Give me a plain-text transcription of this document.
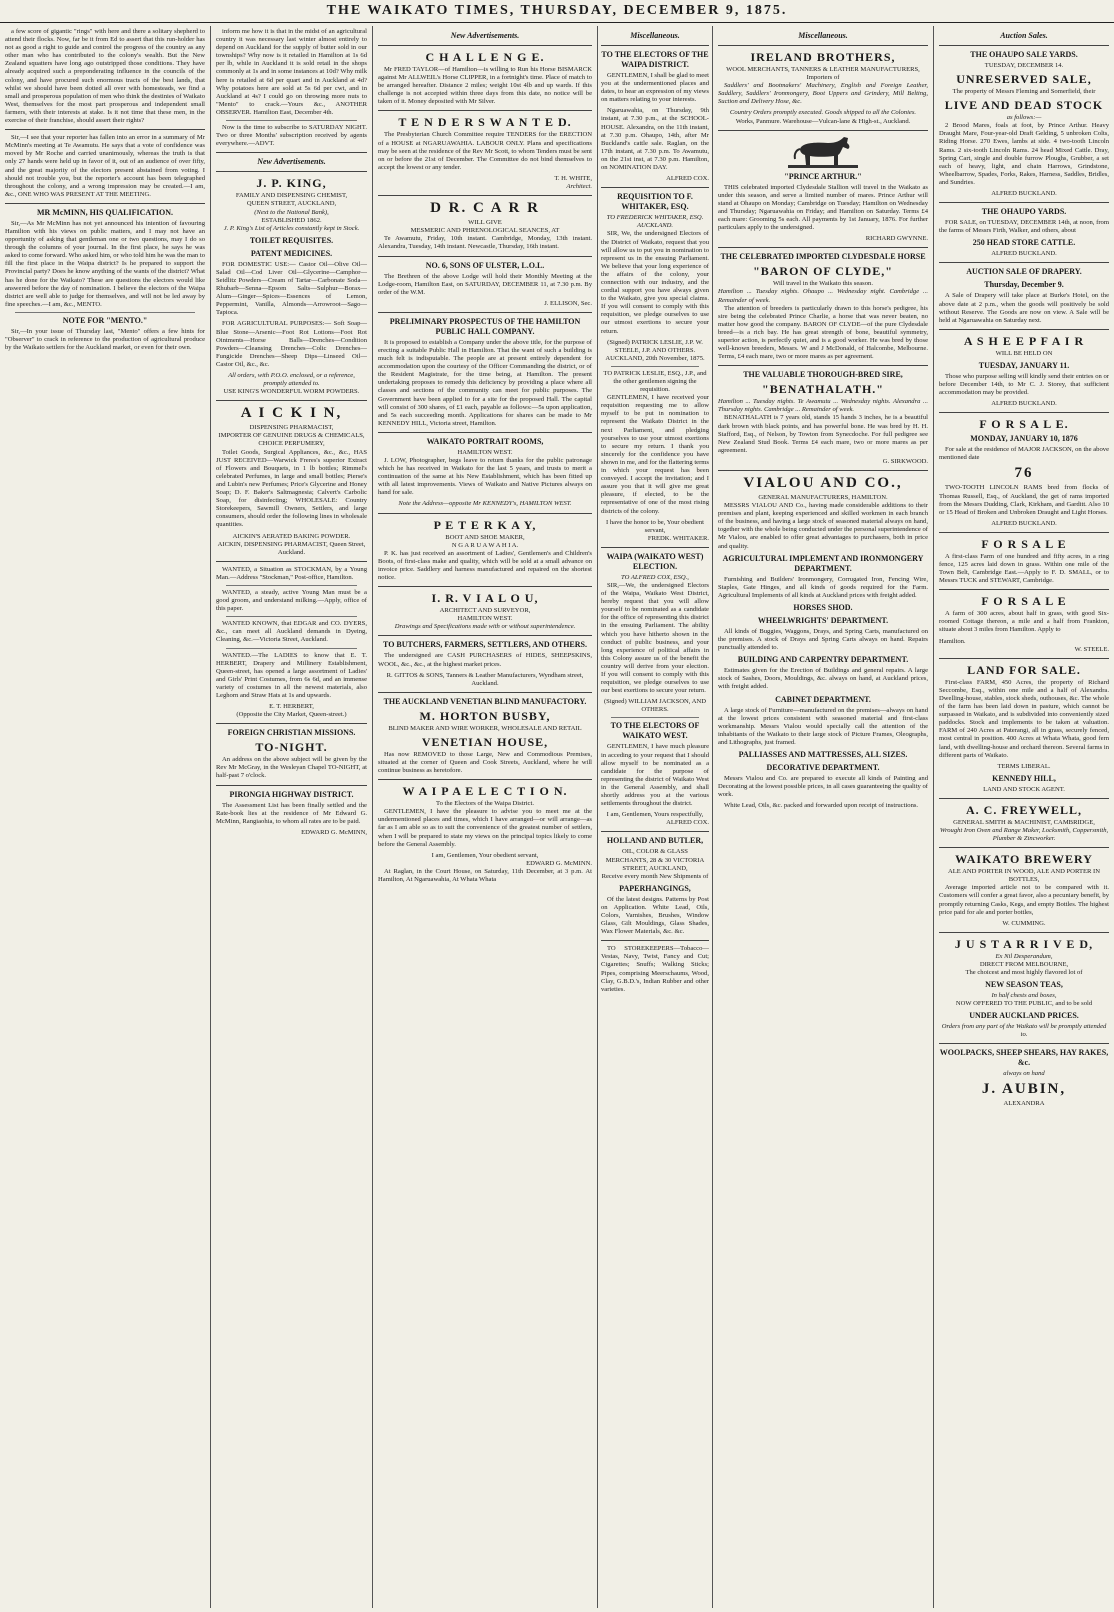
THE WAIKATO TIMES, THURSDAY, DECEMBER 9, 1875.

a few score of gigantic "rings" with here and there a solitary shepherd to attend their flocks. Now, far be it from Ed to assert that this run-holder has not as good a right to guide and control the progress of the country as any other man who has contributed to the colony's wealth. But the New Zealand squatters have long ago outstripped those conditions. They have already acquired such a preponderating influence in the councils of the colony, and have procured such enormous tracts of the best lands, that whilst we should have been dotted all over with homesteads, we find a small and prosperous population of men who think the destinies of Waikato West, themselves for the most part prosperous and independent small farmers, with their interests at stake. Is it not time that these men, in the exercise of their franchise, should assert their rights?

Sir,—I see that your reporter has fallen into an error in a summary of Mr McMinn's meeting at Te Awamutu. He says that a vote of confidence was moved by Mr Roche and carried unanimously, whereas the truth is that only 27 hands were held up in favor of it, out of an audience of over fifty, and the great majority of the electors present abstained from voting. I should not trouble you, but the reporter's account has been telegraphed throughout the colony, and a wrong impression may be created.—I am, &c., ONE WHO WAS PRESENT AT THE MEETING.

MR McMINN, HIS QUALIFICATION.

Sir,—As Mr McMinn has not yet announced his intention of favouring Hamilton with his views on public matters, and I may not have an opportunity of asking that gentleman one or two questions, may I do so through the columns of your journal. In the first place, he says he was asked to come forward. Who asked him, or who told him he was the man to fill the first place in the Waipa district? Is he prepared to support the Provincial party? Does he know anything of the wants of the district? What has he done for the Waikato? These are questions the electors would like answered before the day of nomination. I believe the electors of the Waipa district are well able to judge for themselves, and will not be led away by fine speeches.—I am, &c., MENTO.

NOTE FOR "MENTO."

Sir,—In your issue of Thursday last, "Mento" offers a few hints for "Observer" to crack in reference to the production of agricultural produce by the Waikato settlers for the Auckland market, or even for their own.

inform me how it is that in the midst of an agricultural country it was necessary last winter almost entirely to depend on Auckland for the supply of butter sold in our townships? Why now is it retailed in Hamilton at 1s 6d per lb, while in Auckland it is sold retail in the shops commonly at 1s and in some instances at 10d? Why milk here is retailed at 6d per quart and in Auckland at 4d? Why potatoes here are sold at 5s 6d per cwt, and in Auckland at 4s? I could go on throwing more nuts to "Mento" to crack.—Yours &c., ANOTHER OBSERVER. Hamilton East, December 4th.

Now is the time to subscribe to SATURDAY NIGHT. Two or three Months' subscription received by agents everywhere.—ADVT.

New Advertisements.
J. P. KING,
FAMILY AND DISPENSING CHEMIST,
QUEEN STREET, AUCKLAND,
(Next to the National Bank),
ESTABLISHED 1862.
J. P. King's List of Articles constantly kept in Stock.
TOILET REQUISITES.
PATENT MEDICINES.

FOR DOMESTIC USE:— Castor Oil—Olive Oil—Salad Oil—Cod Liver Oil—Glycerine—Camphor—Seidlitz Powders—Cream of Tartar—Carbonate Soda—Rhubarb—Senna—Epsom Salts—Sulphur—Borax—Alum—Ginger—Spices—Essences of Lemon, Peppermint, Vanilla, Almonds—Arrowroot—Sago—Tapioca.

FOR AGRICULTURAL PURPOSES:— Soft Soap—Blue Stone—Arsenic—Foot Rot Lotions—Foot Rot Ointments—Horse Balls—Drenches—Condition Powders—Cleansing Drenches—Colic Drenches—Fungicide Drenches—Sheep Dips—Linseed Oil—Castor Oil, &c., &c.

All orders, with P.O.O. enclosed, or a reference, promptly attended to.
USE KING'S WONDERFUL WORM POWDERS.
A I C K I N,
DISPENSING PHARMACIST,
IMPORTER OF GENUINE DRUGS & CHEMICALS, CHOICE PERFUMERY,

Toilet Goods, Surgical Appliances, &c., &c., HAS JUST RECEIVED—Warwick Freres's superior Extract of Flowers and Bouquets, in 1 lb bottles; Rimmel's celebrated Perfumes, in large and small bottles; Pierse's and Lubin's new Perfumes; Price's Glycerine and Honey Soap; D. F. Baker's Saltmagnesia; Calvert's Carbolic Soap, for disinfecting; WHOLESALE: Country Storekeepers, Sawmill Owners, Settlers, and large consumers, should order the following lines in wholesale quantities.

AICKIN'S AERATED BAKING POWDER.
AICKIN, DISPENSING PHARMACIST, Queen Street, Auckland.

WANTED, a Situation as STOCKMAN, by a Young Man.—Address "Stockman," Post-office, Hamilton.

WANTED, a steady, active Young Man must be a good groom, and understand milking.—Apply, office of this paper.

WANTED KNOWN, that EDGAR and CO. DYERS, &c., can meet all Auckland demands in Dyeing, Cleaning, &c.—Victoria Street, Auckland.

WANTED.—The LADIES to know that E. T. HERBERT, Drapery and Millinery Establishment, Queen-street, has opened a large assortment of Ladies' and Girls' Print Costumes, from 6s 6d, and an immense variety of costumes in all the newest materials, also Leghorn and Straw Hats at 1s and upwards.

E. T. HERBERT,
(Opposite the City Market, Queen-street.)
FOREIGN CHRISTIAN MISSIONS.
TO-NIGHT.

An address on the above subject will be given by the Rev Mr McGray, in the Wesleyan Chapel TO-NIGHT, at half-past 7 o'clock.

PIRONGIA HIGHWAY DISTRICT.

The Assessment List has been finally settled and the Rate-book lies at the residence of Mr Edward G. McMinn, Rangiaohia, to whom all rates are to be paid.

EDWARD G. McMINN,
New Advertisements.
C H A L L E N G E.

Mr FRED TAYLOR—of Hamilton—is willing to Run his Horse BISMARCK against Mr ALLWEIL's Horse CLIPPER, in a fortnight's time. Place of match to be arranged hereafter. Distance 2 miles; weight 10st 4lb and up wards. If this challenge is not accepted within three days from this date, no notice will be taken of it. Money deposited with Mr Silver.

T E N D E R S W A N T E D.

The Presbyterian Church Committee require TENDERS for the ERECTION of a HOUSE at NGARUAWAHIA. LABOUR ONLY. Plans and specifications may be seen at the residence of the Rev Mr Scott, to whom Tenders must be sent on or before the 21st of December. The Committee do not bind themselves to accept the lowest or any tender.

T. H. WHITE,
Architect.
D R. C A R R
WILL GIVE
MESMERIC AND PHRENOLOGICAL SEANCES, AT

Te Awamutu, Friday, 10th instant. Cambridge, Monday, 13th instant. Alexandra, Tuesday, 14th instant. Newcastle, Thursday, 16th instant.

NO. 6, SONS OF ULSTER, L.O.L.

The Brethren of the above Lodge will hold their Monthly Meeting at the Lodge-room, Hamilton East, on SATURDAY, DECEMBER 11, at 7.30 p.m. By order of the W.M.

J. ELLISON, Sec.
PRELIMINARY PROSPECTUS OF THE HAMILTON PUBLIC HALL COMPANY.

It is proposed to establish a Company under the above title, for the purpose of erecting a suitable Public Hall in Hamilton. That the want of such a building is much felt is indisputable. The people are at present entirely dependent for accommodation upon the courtesy of the Officer Commanding the district, or of the Resident Magistrate, for the time being, at Hamilton. The present undertaking proposes to remedy this deficiency by providing a place where all classes and sections of the community can meet for public purposes. The Government have been applied to for a site for the proposed Hall. The capital will consist of 300 shares, of £1 each, payable as follows:—5s upon application, and 5s each succeeding month. Applications for shares can be made to Mr KENNEDY HILL, Victoria street, Hamilton.

WAIKATO PORTRAIT ROOMS,
HAMILTON WEST.

J. LOW, Photographer, begs leave to return thanks for the public patronage which he has received in Waikato for the last 5 years, and trusts to merit a continuation of the same at his New Establishment, which has been fitted up with all latest improvements. Views of Waikato and Native Pictures always on hand for sale.

Note the Address—opposite Mr KENNEDY's, HAMILTON WEST.
P E T E R K A Y,
BOOT AND SHOE MAKER,
N G A R U A W A H I A.

P. K. has just received an assortment of Ladies', Gentlemen's and Children's Boots, of first-class make and quality, which will be sold at a small advance on invoice price. Saddlery and harness manufactured and repaired on the shortest notice.

I. R. V I A L O U,
ARCHITECT AND SURVEYOR,
HAMILTON WEST.
Drawings and Specifications made with or without superintendence.
TO BUTCHERS, FARMERS, SETTLERS, AND OTHERS.

The undersigned are CASH PURCHASERS of HIDES, SHEEPSKINS, WOOL, &c., &c., at the highest market prices.

R. GITTOS & SONS, Tanners & Leather Manufacturers, Wyndham street, Auckland.
THE AUCKLAND VENETIAN BLIND MANUFACTORY.
M. HORTON BUSBY,
BLIND MAKER AND WIRE WORKER, WHOLESALE AND RETAIL
VENETIAN HOUSE,

Has now REMOVED to those Large, New and Commodious Premises, situated at the corner of Queen and Cook Streets, Auckland, where he will continue business as heretofore.

W A I P A E L E C T I O N.
To the Electors of the Waipa District.

GENTLEMEN, I have the pleasure to advise you to meet me at the undermentioned places and times, which I have arranged—or will arrange—as far as I am able so as to suit the convenience of the greatest number of settlers, when I will be prepared to state my views on the principal topics likely to come before the General Assembly.

I am, Gentlemen, Your obedient servant,
EDWARD G. McMINN.

At Raglan, in the Court House, on Saturday, 11th December, at 3 p.m. At Hamilton, At Ngaruawahia, At Whata Whata

Miscellaneous.
TO THE ELECTORS OF THE WAIPA DISTRICT.

GENTLEMEN, I shall be glad to meet you at the undermentioned places and dates, to hear an expression of my views on matters relating to your interests.

Ngaruawahia, on Thursday, 9th instant, at 7.30 p.m., at the SCHOOL-HOUSE. Alexandra, on the 11th instant, at 7.30 p.m. Ohaupo, 14th, after Mr Buckland's cattle sale. Raglan, on the 17th instant, at 7.30 p.m. To Awamutu, on the 21st inst, at 7.30 p.m. Hamilton, on NOMINATION DAY.

ALFRED COX.
REQUISITION TO F. WHITAKER, ESQ.
TO FREDERICK WHITAKER, ESQ. AUCKLAND.

SIR, We, the undersigned Electors of the District of Waikato, request that you will allow us to put you in nomination to represent us in the ensuing Parliament. We believe that your long experience of the affairs of the colony, your connection with our industry, and the cordial support you have always given to the Waikato, give you special claims. If you will consent to comply with this requisition, we pledge ourselves to use our utmost exertions to secure your return.

(Signed) PATRICK LESLIE, J.P. W. STEELE, J.P. AND OTHERS.
AUCKLAND, 20th November, 1875.
TO PATRICK LESLIE, ESQ., J.P., and the other gentlemen signing the requisition.

GENTLEMEN, I have received your requisition requesting me to allow myself to be put in nomination to represent the Waikato District in the next Parliament, and pledging yourselves to use your utmost exertions to secure my return. I thank you sincerely for the confidence you have shown in me, and for the flattering terms in which your request has been conveyed. I accept the invitation; and I assure you that it will give me great pleasure, if elected, to be the representative of one of the most rising districts of the colony.

I have the honor to be, Your obedient servant,
FREDK. WHITAKER.
WAIPA (WAIKATO WEST) ELECTION.
TO ALFRED COX, ESQ.,

SIR,—We, the undersigned Electors of the Waipa, Waikato West District, hereby request that you will allow yourself to be nominated as a candidate for the office of representing this district in the ensuing Parliament. The ability which you have hitherto shown in the conduct of public business, and your long experience of political affairs in this Colony assure us of the benefit the country will derive from your election. If you will consent to comply with this requisition, we pledge ourselves to use our best exertions to secure your return.

(Signed) WILLIAM JACKSON, AND OTHERS.
TO THE ELECTORS OF WAIKATO WEST.

GENTLEMEN, I have much pleasure in acceding to your request that I should allow myself to be nominated as a candidate for the purpose of representing the district of Waikato West in the General Assembly, and shall shortly address you at the various settlements throughout the district.

I am, Gentlemen, Yours respectfully,
ALFRED COX.
HOLLAND AND BUTLER,
OIL, COLOR & GLASS MERCHANTS, 28 & 30 VICTORIA STREET, AUCKLAND,
Receive every month New Shipments of
PAPERHANGINGS,

Of the latest designs. Patterns by Post on Application. White Lead, Oils, Colors, Varnishes, Brushes, Window Glass, Gilt Mouldings, Glass Shades, Wax Flower Materials, &c. &c.

TO STOREKEEPERS—Tobacco—Vestas, Navy, Twist, Fancy and Cut; Cigarettes; Snuffs; Walking Sticks; Pipes, comprising Meerschaums, Wood, Clay, G.B.D.'s, Indian Rubber and other varieties.

Miscellaneous.
IRELAND BROTHERS,
WOOL MERCHANTS, TANNERS & LEATHER MANUFACTURERS, Importers of

Saddlers' and Bootmakers' Machinery, English and Foreign Leather, Saddlery, Saddlers' Ironmongery, Boot Uppers and Grindery, Mill Belting, Suction and Delivery Hose, &c.

Country Orders promptly executed. Goods shipped to all the Colonies.
Works, Panmure. Warehouse—Vulcan-lane & High-st., Auckland.
"PRINCE ARTHUR."

THIS celebrated imported Clydesdale Stallion will travel in the Waikato as under this season, and serve a limited number of mares. Prince Arthur will stand at Ohaupo on Monday; Cambridge on Tuesday; Hamilton on Wednesday and Thursday; Ngaruawahia on Friday; and Hamilton on Saturday. Terms £4 each mare: Grooming 5s each. All payments by 1st January, 1876. For further particulars apply to the undersigned.

RICHARD GWYNNE.
THE CELEBRATED IMPORTED CLYDESDALE HORSE
"BARON OF CLYDE,"
Will travel in the Waikato this season.
Hamilton ... Tuesday nights. Ohaupo ... Wednesday night. Cambridge ... Remainder of week.

The attention of breeders is particularly drawn to this horse's pedigree, his sire being the celebrated Prince Charlie, a horse that was never beaten, no matter how good the company. BARON OF CLYDE—of the pure Clydesdale breed—is a rich bay. He has great strength of bone, beautiful symmetry, superior action, is perfectly quiet, and is a good worker. He was bred by those well-known breeders, Messrs. W and J McDonald, of Halcombe, Melbourne. Terms, £4 each mare, two or more mares as per agreement.

THE VALUABLE THOROUGH-BRED SIRE,
"BENATHALATH."
Hamilton ... Tuesday nights. Te Awamutu ... Wednesday nights. Alexandra ... Thursday nights. Cambridge ... Remainder of week.

BENATHALATH is 7 years old, stands 15 hands 3 inches, he is a beautiful dark brown with black points, and has powerful bone. He was bred by H. H. Stafford, Esq., of Nelson, by Towton from Synecdoche. For full pedigree see New Zealand Stud Book. Terms £4 each mare, two or more mares as per agreement.

G. SIRKWOOD.
VIALOU AND CO.,
GENERAL MANUFACTURERS, HAMILTON.

MESSRS VIALOU AND Co., having made considerable additions to their premises and plant, keeping experienced and skilled workmen in each branch of the business, and having a large stock of seasoned material always on hand, together with the whole being conducted under the personal superintendence of Mr Vialou, are enabled to offer great advantages to purchasers, both in price and quality.

AGRICULTURAL IMPLEMENT AND IRONMONGERY DEPARTMENT.

Furnishing and Builders' Ironmongery, Corrugated Iron, Fencing Wire, Staples, Gate Hinges, and all kinds of goods required for the Farm. Agricultural Implements of all kinds at Auckland prices with freight added.

HORSES SHOD.
WHEELWRIGHTS' DEPARTMENT.

All kinds of Buggies, Waggons, Drays, and Spring Carts, manufactured on the premises. A stock of Drays and Spring Carts always on hand. Repairs punctually attended to.

BUILDING AND CARPENTRY DEPARTMENT.

Estimates given for the Erection of Buildings and general repairs. A large stock of Sashes, Doors, Mouldings, &c. always on hand, at Auckland prices, with freight added.

CABINET DEPARTMENT.

A large stock of Furniture—manufactured on the premises—always on hand at the lowest prices consistent with seasoned material and first-class workmanship. Messrs Vialou would specially call the attention of the inhabitants of the Waikato to their large stock of Picture Frames, Oleographs, and Lithographs, just framed.

PALLIASSES AND MATTRESSES, ALL SIZES.
DECORATIVE DEPARTMENT.

Messrs Vialou and Co. are prepared to execute all kinds of Painting and Decorating at the lowest possible prices, in all cases guaranteeing the quality of work.

White Lead, Oils, &c. packed and forwarded upon receipt of instructions.

Auction Sales.
THE OHAUPO SALE YARDS.
TUESDAY, DECEMBER 14.
UNRESERVED SALE,
The property of Messrs Fleming and Somerfield, their
LIVE AND DEAD STOCK
as follows:—

2 Brood Mares, foals at foot, by Prince Arthur. Heavy Draught Mare, Four-year-old Draft Gelding, 5 unbroken Colts, Riding Horse. 270 Ewes, lambs at side. 4 two-tooth Lincoln Rams. 2 six-tooth Lincoln Rams. 24 head Mixed Cattle. Dray, Spring Cart, single and double furrow Ploughs, Grubber, a set each of heavy, light, and chain Harrows, Grindstone, Wheelbarrow, Spades, Forks, Rakes, Harness, Saddles, Bridles, and Sundries.

ALFRED BUCKLAND.
THE OHAUPO YARDS.

FOR SALE, on TUESDAY, DECEMBER 14th, at noon, from the farms of Messrs Firth, Walker, and others, about

250 HEAD STORE CATTLE.
ALFRED BUCKLAND.
AUCTION SALE OF DRAPERY.
Thursday, December 9.

A Sale of Drapery will take place at Burke's Hotel, on the above date at 2 p.m., when the goods will positively be sold without Reserve. The Goods are now on view. A Sale will be held at Ngaruawahia on Saturday next.

A S H E E P F A I R
WILL BE HELD ON
TUESDAY, JANUARY 11.

Those who purpose selling will kindly send their entries on or before December 14th, to Mr C. J. Storey, that sufficient accommodation may be provided.

ALFRED BUCKLAND.
F O R S A L E.
MONDAY, JANUARY 10, 1876

For sale at the residence of MAJOR JACKSON, on the above mentioned date

76

TWO-TOOTH LINCOLN RAMS bred from flocks of Thomas Russell, Esq., of Auckland, the get of rams imported from the Messrs Dudding, Clark, Kirkham, and Garditt. Also 10 or 15 Head of Broken and Unbroken Draught and Light Horses.

ALFRED BUCKLAND.
F O R S A L E

A first-class Farm of one hundred and fifty acres, in a ring fence, 125 acres laid down in grass. Within one mile of the Town Belt, Cambridge East.—Apply to F. D. SMALL, or to Messrs TUCK and STEWART, Cambridge.

F O R S A L E

A farm of 300 acres, about half in grass, with good Six-roomed Cottage thereon, a mile and a half from Frankton, situate about 3 miles from Hamilton. Apply to

Hamilton.
W. STEELE.
LAND FOR SALE.

First-class FARM, 450 Acres, the property of Richard Seccombe, Esq., within one mile and a half of Alexandra. Dwelling-house, stables, stock sheds, outhouses, &c. The whole of the farm has been laid down in pasture, which cannot be surpassed in Waikato, and is subdivided into conveniently sized paddocks. Stock and implements to be taken at valuation. FARM of 240 Acres at Paterangi, all in grass, securely fenced, most central in position. 400 Acres at Whata Whata, good fern land, with dwelling-house and orchard thereon. Several farms in different parts of Waikato.

TERMS LIBERAL.
KENNEDY HILL,
LAND AND STOCK AGENT.
A. C. FREYWELL,
GENERAL SMITH & MACHINIST, CAMBRIDGE,
Wrought Iron Oven and Range Maker, Locksmith, Coppersmith, Plumber & Zincworker.
WAIKATO BREWERY
ALE AND PORTER IN WOOD, ALE AND PORTER IN BOTTLES,

Average imported article not to be compared with it. Customers will confer a great favor, also a pecuniary benefit, by promptly returning Casks, Kegs, and empty Bottles. The highest price paid for ale and porter bottles,

W. CUMMING.
J U S T A R R I V E D,
Ex Nil Desperandum,
DIRECT FROM MELBOURNE,
The choicest and most highly flavored lot of
NEW SEASON TEAS,
In half chests and boxes,
NOW OFFERED TO THE PUBLIC, and to be sold
UNDER AUCKLAND PRICES.
Orders from any part of the Waikato will be promptly attended to.
WOOLPACKS, SHEEP SHEARS, HAY RAKES, &c.
always on hand
J. AUBIN,
ALEXANDRA
